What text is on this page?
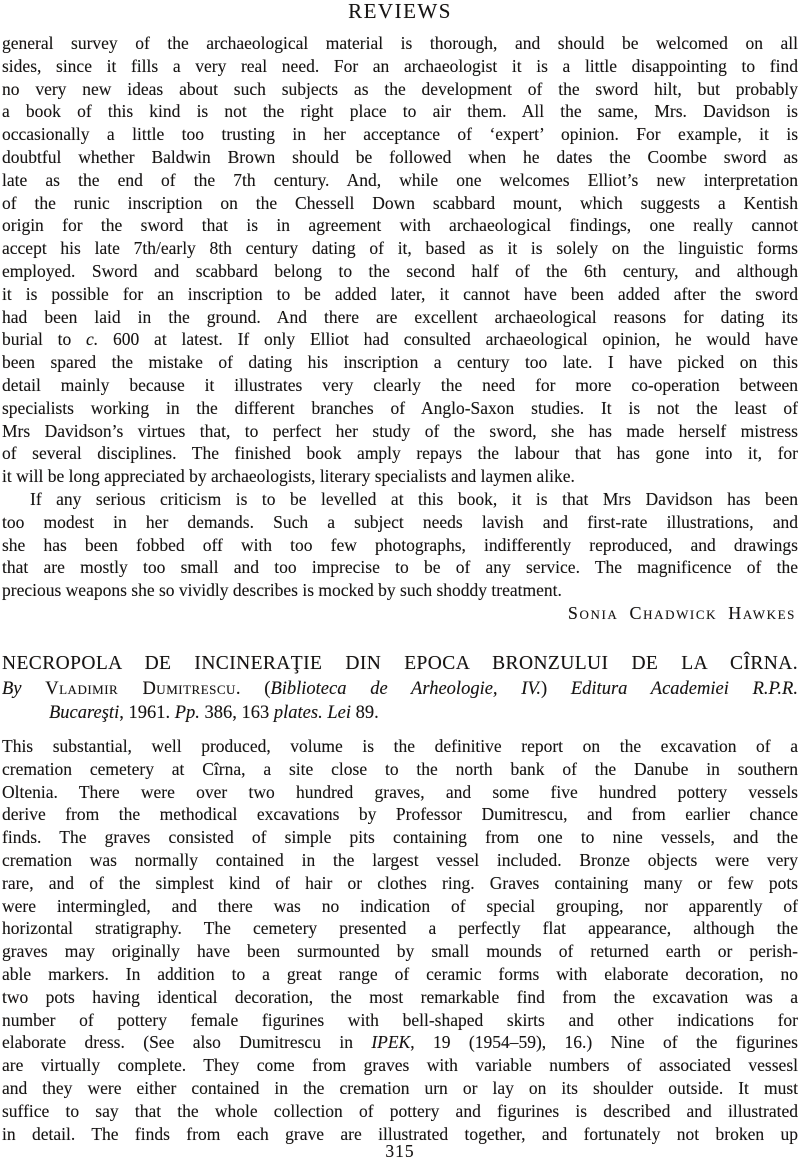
REVIEWS
general survey of the archaeological material is thorough, and should be welcomed on all
sides, since it fills a very real need. For an archaeologist it is a little disappointing to find
no very new ideas about such subjects as the development of the sword hilt, but probably
a book of this kind is not the right place to air them. All the same, Mrs. Davidson is
occasionally a little too trusting in her acceptance of ‘expert’ opinion. For example, it is
doubtful whether Baldwin Brown should be followed when he dates the Coombe sword as
late as the end of the 7th century. And, while one welcomes Elliot’s new interpretation
of the runic inscription on the Chessell Down scabbard mount, which suggests a Kentish
origin for the sword that is in agreement with archaeological findings, one really cannot
accept his late 7th/early 8th century dating of it, based as it is solely on the linguistic forms
employed. Sword and scabbard belong to the second half of the 6th century, and although
it is possible for an inscription to be added later, it cannot have been added after the sword
had been laid in the ground. And there are excellent archaeological reasons for dating its
burial to c. 600 at latest. If only Elliot had consulted archaeological opinion, he would have
been spared the mistake of dating his inscription a century too late. I have picked on this
detail mainly because it illustrates very clearly the need for more co-operation between
specialists working in the different branches of Anglo-Saxon studies. It is not the least of
Mrs Davidson’s virtues that, to perfect her study of the sword, she has made herself mistress
of several disciplines. The finished book amply repays the labour that has gone into it, for
it will be long appreciated by archaeologists, literary specialists and laymen alike.
If any serious criticism is to be levelled at this book, it is that Mrs Davidson has been
too modest in her demands. Such a subject needs lavish and first-rate illustrations, and
she has been fobbed off with too few photographs, indifferently reproduced, and drawings
that are mostly too small and too imprecise to be of any service. The magnificence of the
precious weapons she so vividly describes is mocked by such shoddy treatment.
Sonia Chadwick Hawkes
NECROPOLA DE INCINERAŢIE DIN EPOCA BRONZULUI DE LA CÎRNA.
By Vladimir Dumitrescu. (Biblioteca de Arheologie, IV.) Editura Academiei R.P.R.
Bucareşti, 1961. Pp. 386, 163 plates. Lei 89.
This substantial, well produced, volume is the definitive report on the excavation of a
cremation cemetery at Cîrna, a site close to the north bank of the Danube in southern
Oltenia. There were over two hundred graves, and some five hundred pottery vessels
derive from the methodical excavations by Professor Dumitrescu, and from earlier chance
finds. The graves consisted of simple pits containing from one to nine vessels, and the
cremation was normally contained in the largest vessel included. Bronze objects were very
rare, and of the simplest kind of hair or clothes ring. Graves containing many or few pots
were intermingled, and there was no indication of special grouping, nor apparently of
horizontal stratigraphy. The cemetery presented a perfectly flat appearance, although the
graves may originally have been surmounted by small mounds of returned earth or perish-
able markers. In addition to a great range of ceramic forms with elaborate decoration, no
two pots having identical decoration, the most remarkable find from the excavation was a
number of pottery female figurines with bell-shaped skirts and other indications for
elaborate dress. (See also Dumitrescu in IPEK, 19 (1954–59), 16.) Nine of the figurines
are virtually complete. They come from graves with variable numbers of associated vessesl
and they were either contained in the cremation urn or lay on its shoulder outside. It must
suffice to say that the whole collection of pottery and figurines is described and illustrated
in detail. The finds from each grave are illustrated together, and fortunately not broken up
315
